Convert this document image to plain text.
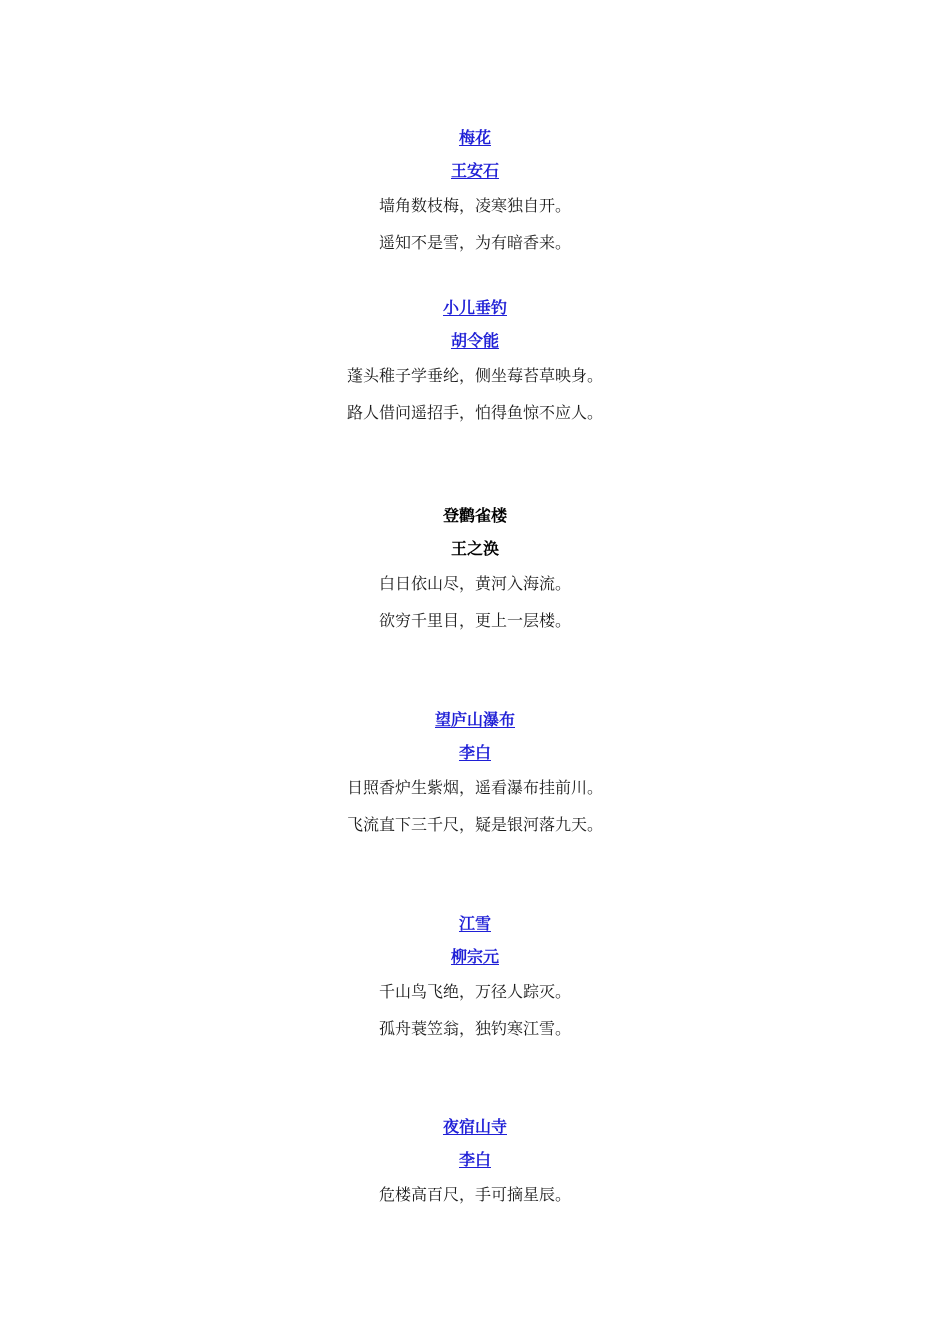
梅花
王安石
墙角数枝梅，凌寒独自开。
遥知不是雪，为有暗香来。
小儿垂钓
胡令能
蓬头稚子学垂纶，侧坐莓苔草映身。
路人借问遥招手，怕得鱼惊不应人。
登鹳雀楼
王之涣
白日依山尽，黄河入海流。
欲穷千里目，更上一层楼。
望庐山瀑布
李白
日照香炉生紫烟，遥看瀑布挂前川。
飞流直下三千尺，疑是银河落九天。
江雪
柳宗元
千山鸟飞绝，万径人踪灭。
孤舟蓑笠翁，独钓寒江雪。
夜宿山寺
李白
危楼高百尺，手可摘星辰。
